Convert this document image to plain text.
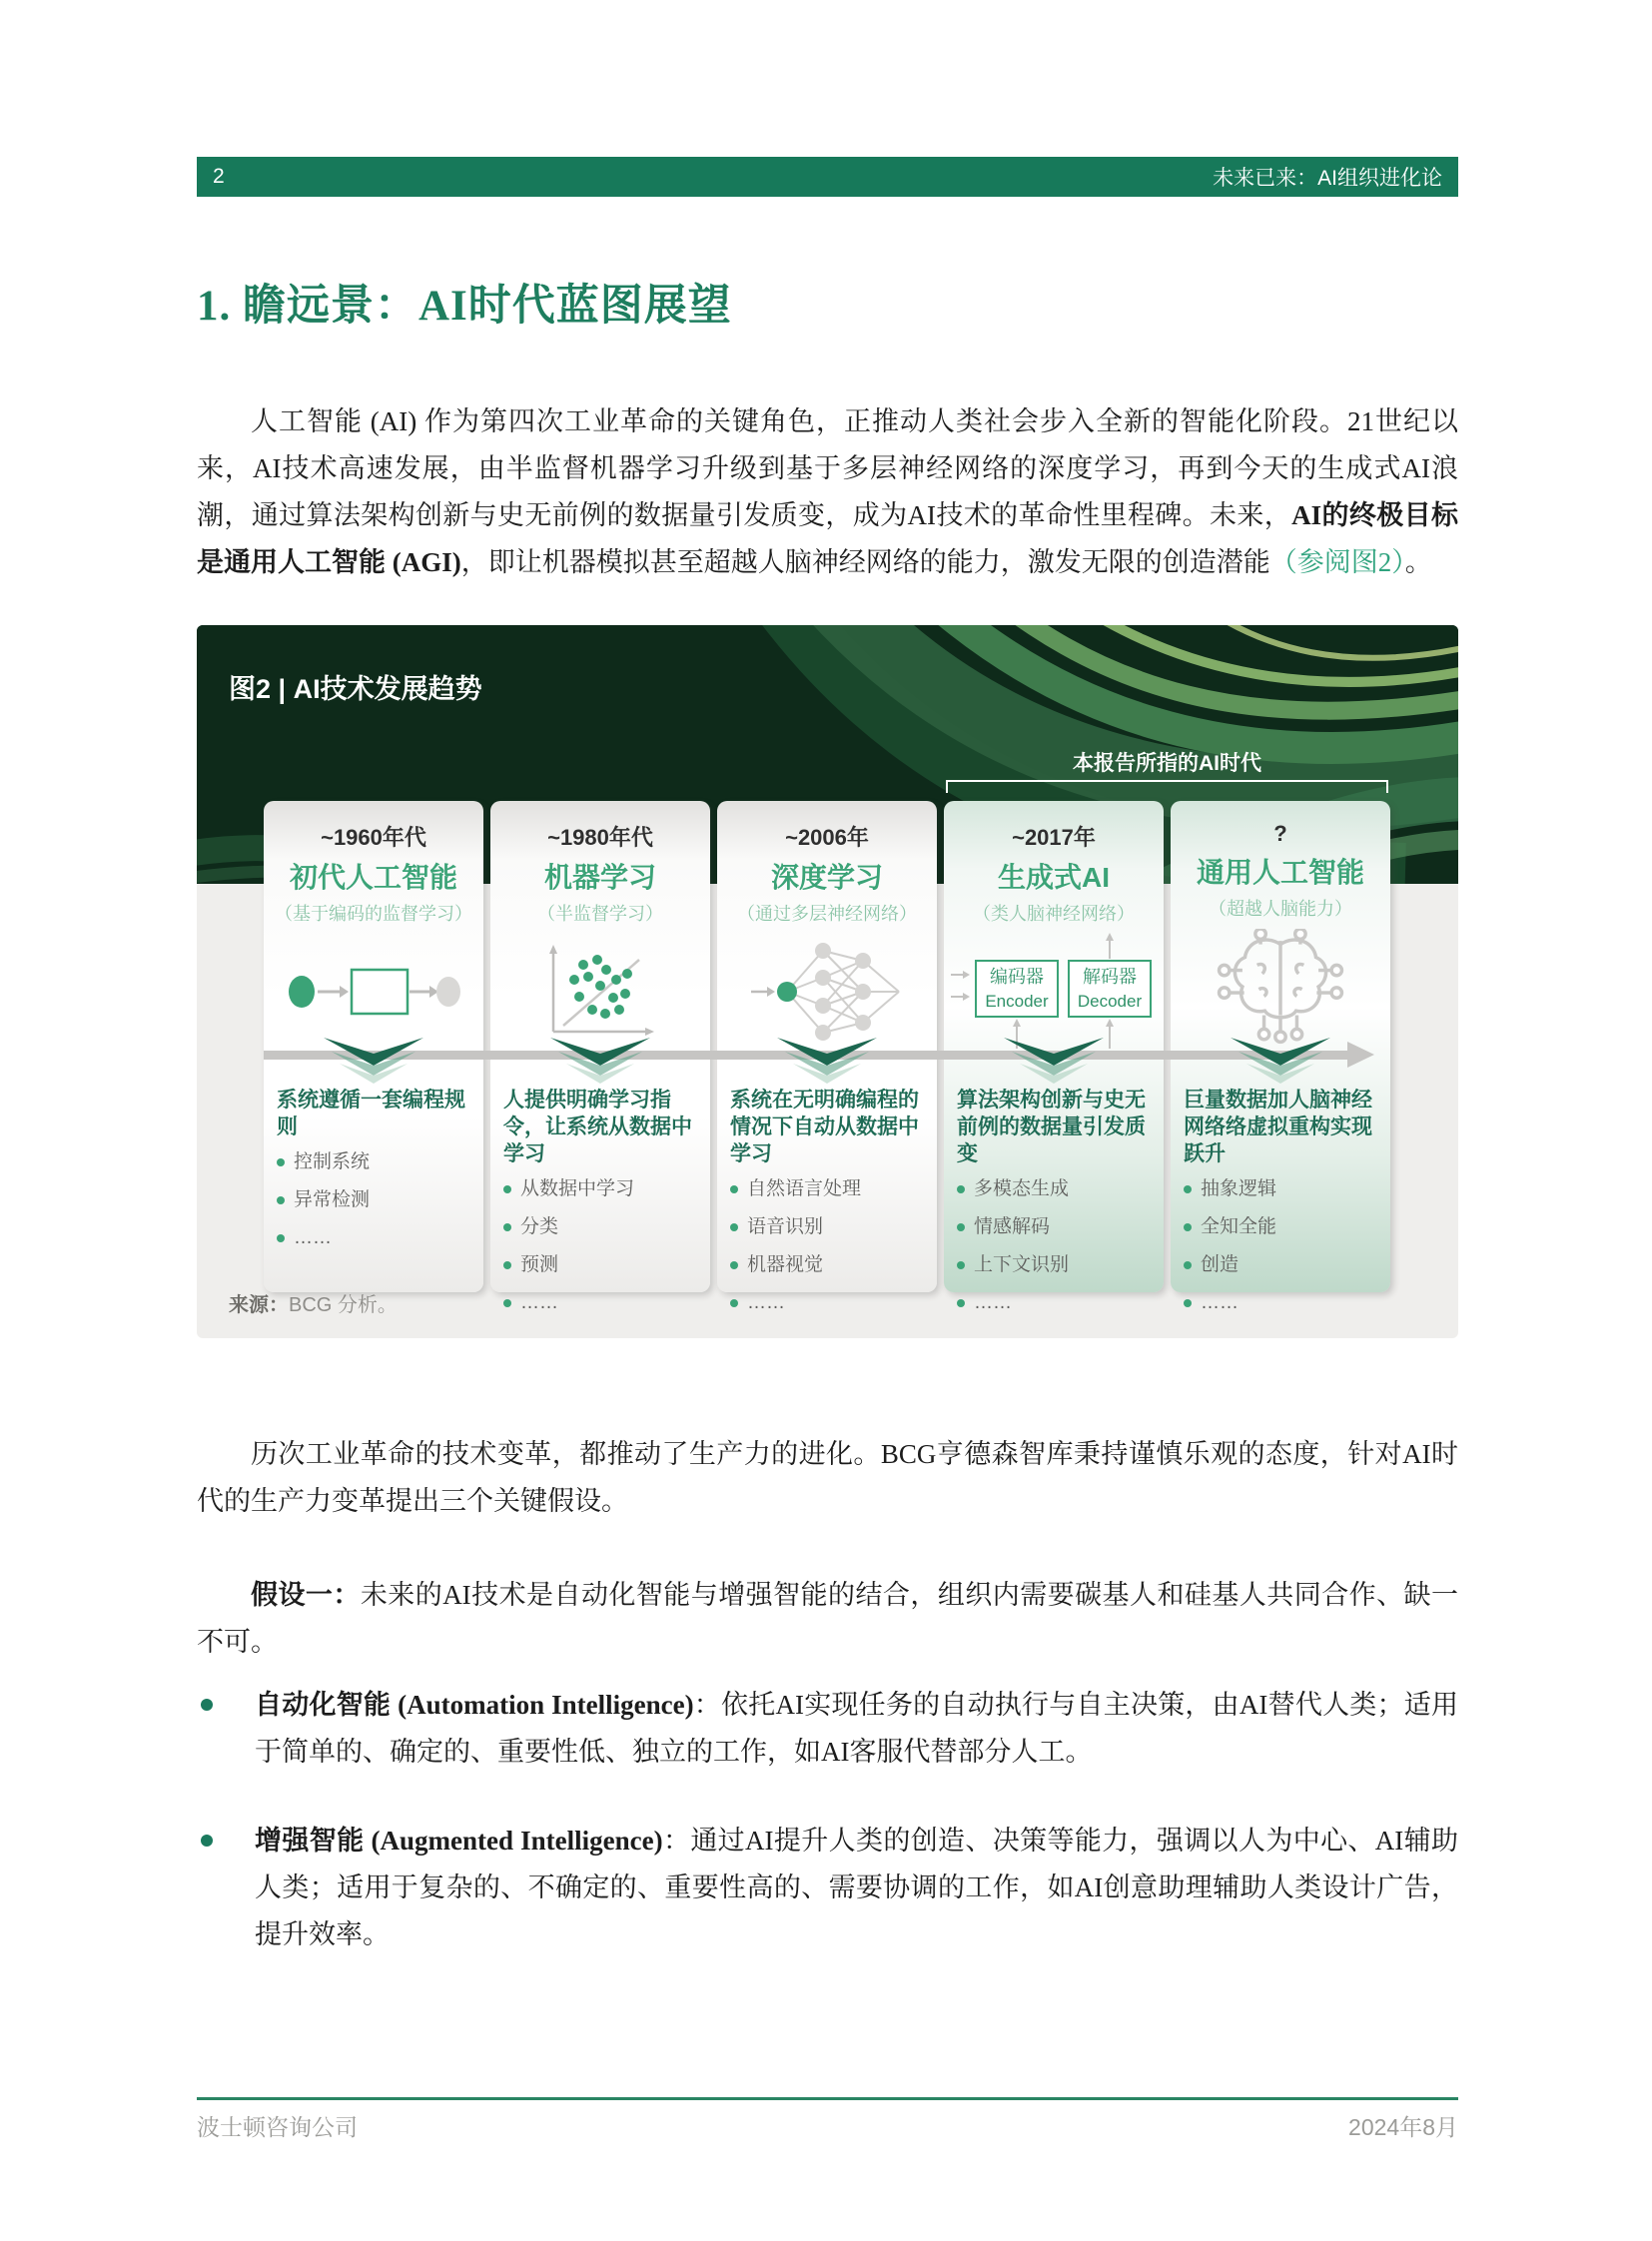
2	未来已来：AI组织进化论
1. 瞻远景：AI时代蓝图展望

人工智能 (AI) 作为第四次工业革命的关键角色，正推动人类社会步入全新的智能化阶段。21世纪以来，AI技术高速发展，由半监督机器学习升级到基于多层神经网络的深度学习，再到今天的生成式AI浪潮，通过算法架构创新与史无前例的数据量引发质变，成为AI技术的革命性里程碑。未来，AI的终极目标是通用人工智能 (AGI)，即让机器模拟甚至超越人脑神经网络的能力，激发无限的创造潜能（参阅图2）。

图2 | AI技术发展趋势
本报告所指的AI时代
~1960年代
初代人工智能
（基于编码的监督学习）
系统遵循一套编程规则
控制系统
异常检测
……
~1980年代
机器学习
（半监督学习）
人提供明确学习指令，让系统从数据中学习
从数据中学习
分类
预测
……
~2006年
深度学习
（通过多层神经网络）
系统在无明确编程的情况下自动从数据中学习
自然语言处理
语音识别
机器视觉
……
~2017年
生成式AI
（类人脑神经网络）
编码器
Encoder
解码器
Decoder
算法架构创新与史无前例的数据量引发质变
多模态生成
情感解码
上下文识别
……
?
通用人工智能
（超越人脑能力）
巨量数据加人脑神经网络络虚拟重构实现跃升
抽象逻辑
全知全能
创造
……
来源：BCG 分析。

历次工业革命的技术变革，都推动了生产力的进化。BCG亨德森智库秉持谨慎乐观的态度，针对AI时代的生产力变革提出三个关键假设。

假设一：未来的AI技术是自动化智能与增强智能的结合，组织内需要碳基人和硅基人共同合作、缺一不可。

自动化智能 (Automation Intelligence)：依托AI实现任务的自动执行与自主决策，由AI替代人类；适用于简单的、确定的、重要性低、独立的工作，如AI客服代替部分人工。
增强智能 (Augmented Intelligence)：通过AI提升人类的创造、决策等能力，强调以人为中心、AI辅助人类；适用于复杂的、不确定的、重要性高的、需要协调的工作，如AI创意助理辅助人类设计广告，提升效率。
波士顿咨询公司	2024年8月
